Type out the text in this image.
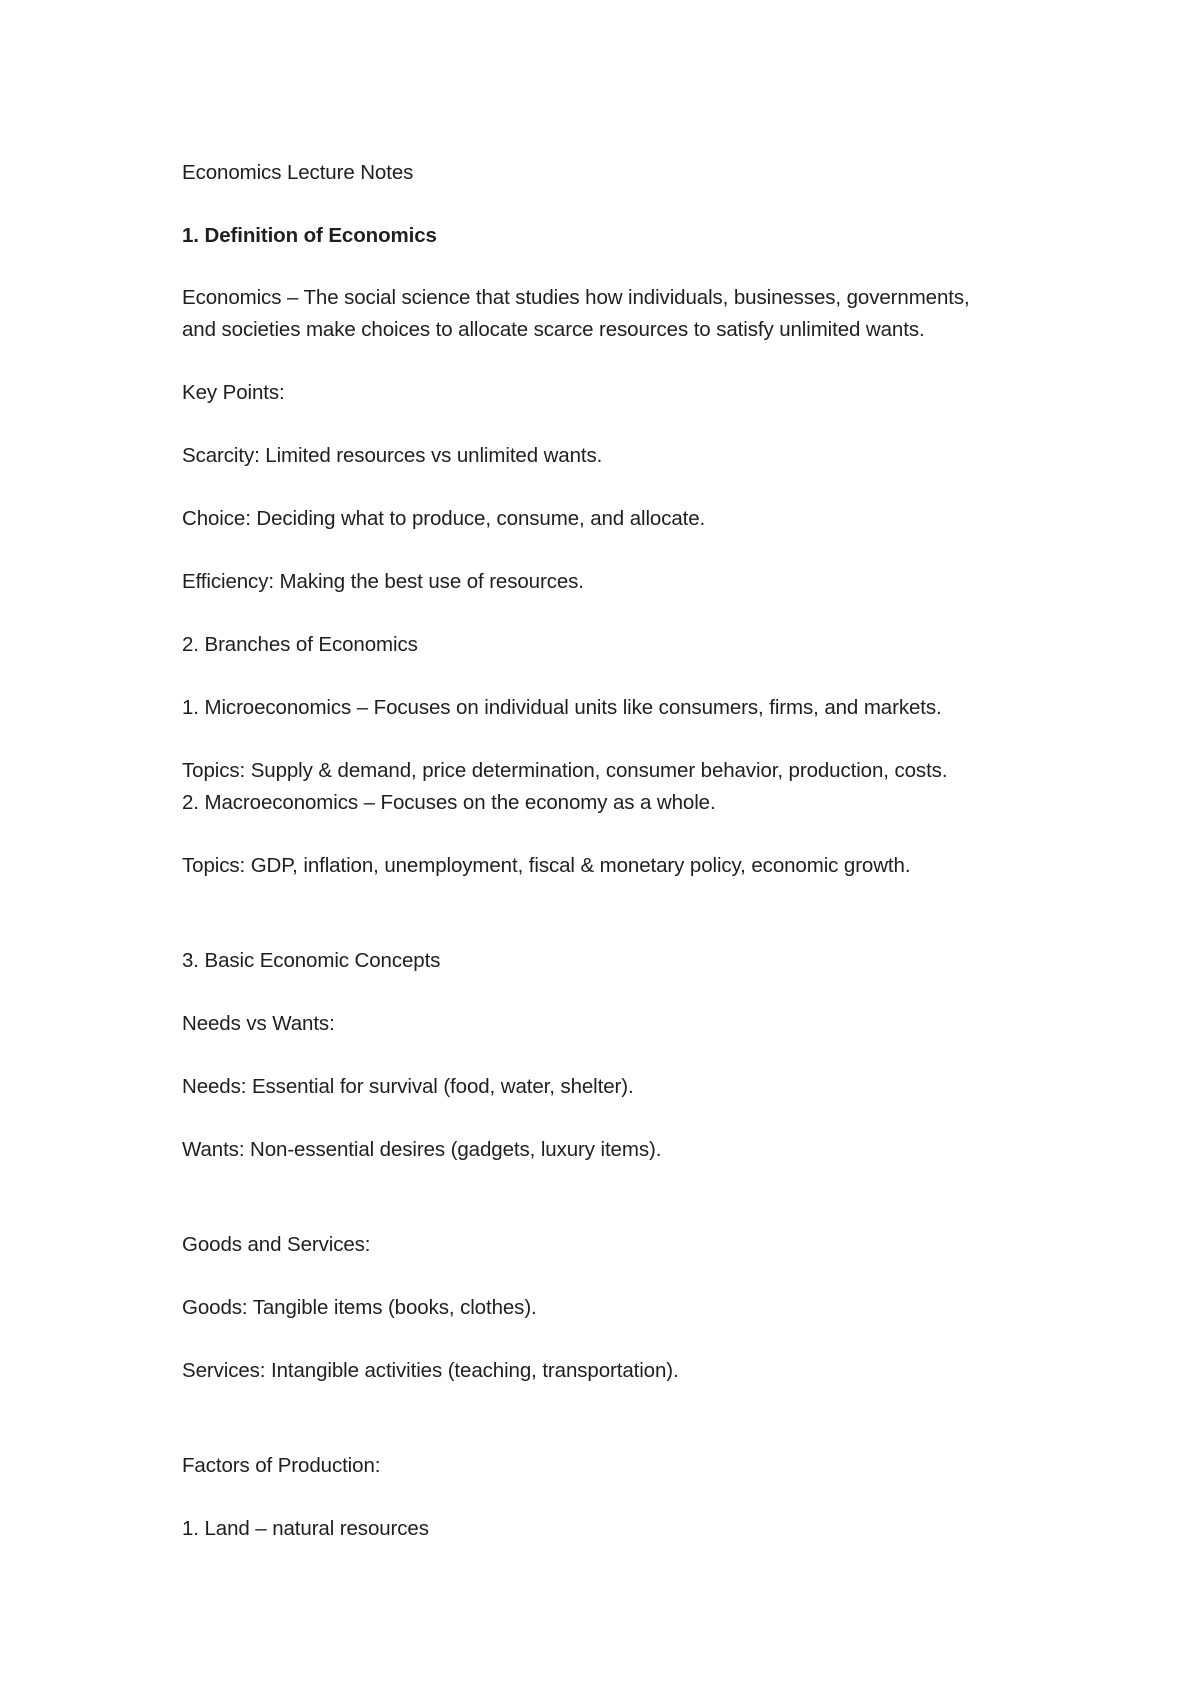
Economics Lecture Notes

1. Definition of Economics

Economics – The social science that studies how individuals, businesses, governments,

and societies make choices to allocate scarce resources to satisfy unlimited wants.

Key Points:

Scarcity: Limited resources vs unlimited wants.

Choice: Deciding what to produce, consume, and allocate.

Efficiency: Making the best use of resources.

2. Branches of Economics

1. Microeconomics – Focuses on individual units like consumers, firms, and markets.

Topics: Supply & demand, price determination, consumer behavior, production, costs.

2. Macroeconomics – Focuses on the economy as a whole.

Topics: GDP, inflation, unemployment, fiscal & monetary policy, economic growth.

3. Basic Economic Concepts

Needs vs Wants:

Needs: Essential for survival (food, water, shelter).

Wants: Non-essential desires (gadgets, luxury items).

Goods and Services:

Goods: Tangible items (books, clothes).

Services: Intangible activities (teaching, transportation).

Factors of Production:

1. Land – natural resources
